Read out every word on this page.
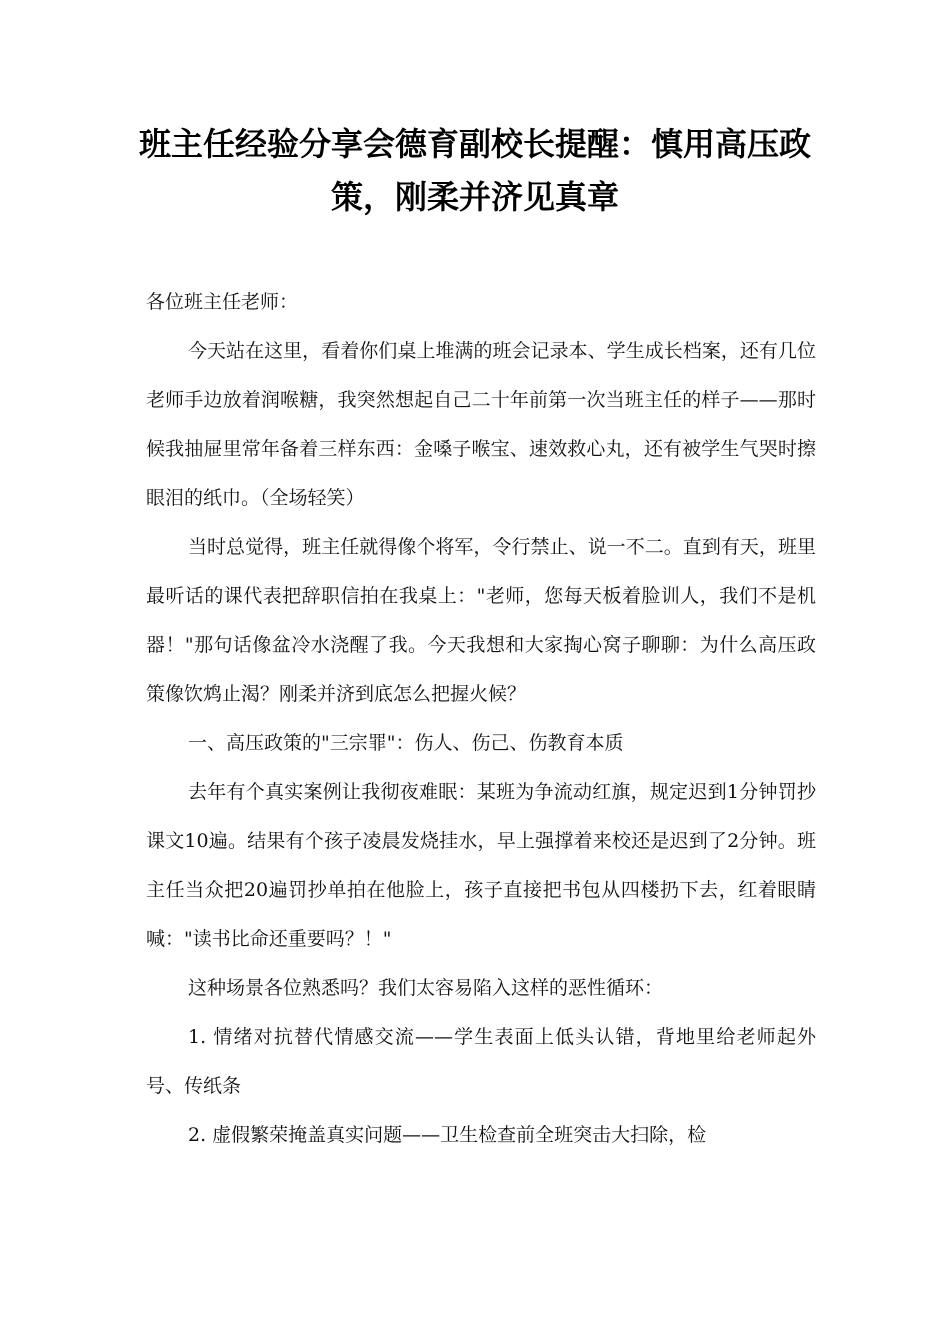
班主任经验分享会德育副校长提醒：慎用高压政策，刚柔并济见真章

各位班主任老师：

今天站在这里，看着你们桌上堆满的班会记录本、学生成长档案，还有几位老师手边放着润喉糖，我突然想起自己二十年前第一次当班主任的样子——那时候我抽屉里常年备着三样东西：金嗓子喉宝、速效救心丸，还有被学生气哭时擦眼泪的纸巾。（全场轻笑）

当时总觉得，班主任就得像个将军，令行禁止、说一不二。直到有天，班里最听话的课代表把辞职信拍在我桌上："老师，您每天板着脸训人，我们不是机器！"那句话像盆冷水浇醒了我。今天我想和大家掏心窝子聊聊：为什么高压政策像饮鸩止渴？刚柔并济到底怎么把握火候？

一、高压政策的"三宗罪"：伤人、伤己、伤教育本质

去年有个真实案例让我彻夜难眠：某班为争流动红旗，规定迟到1分钟罚抄课文10遍。结果有个孩子凌晨发烧挂水，早上强撑着来校还是迟到了2分钟。班主任当众把20遍罚抄单拍在他脸上，孩子直接把书包从四楼扔下去，红着眼睛喊："读书比命还重要吗？！"

这种场景各位熟悉吗？我们太容易陷入这样的恶性循环：

1. 情绪对抗替代情感交流——学生表面上低头认错，背地里给老师起外号、传纸条

2. 虚假繁荣掩盖真实问题——卫生检查前全班突击大扫除，检
